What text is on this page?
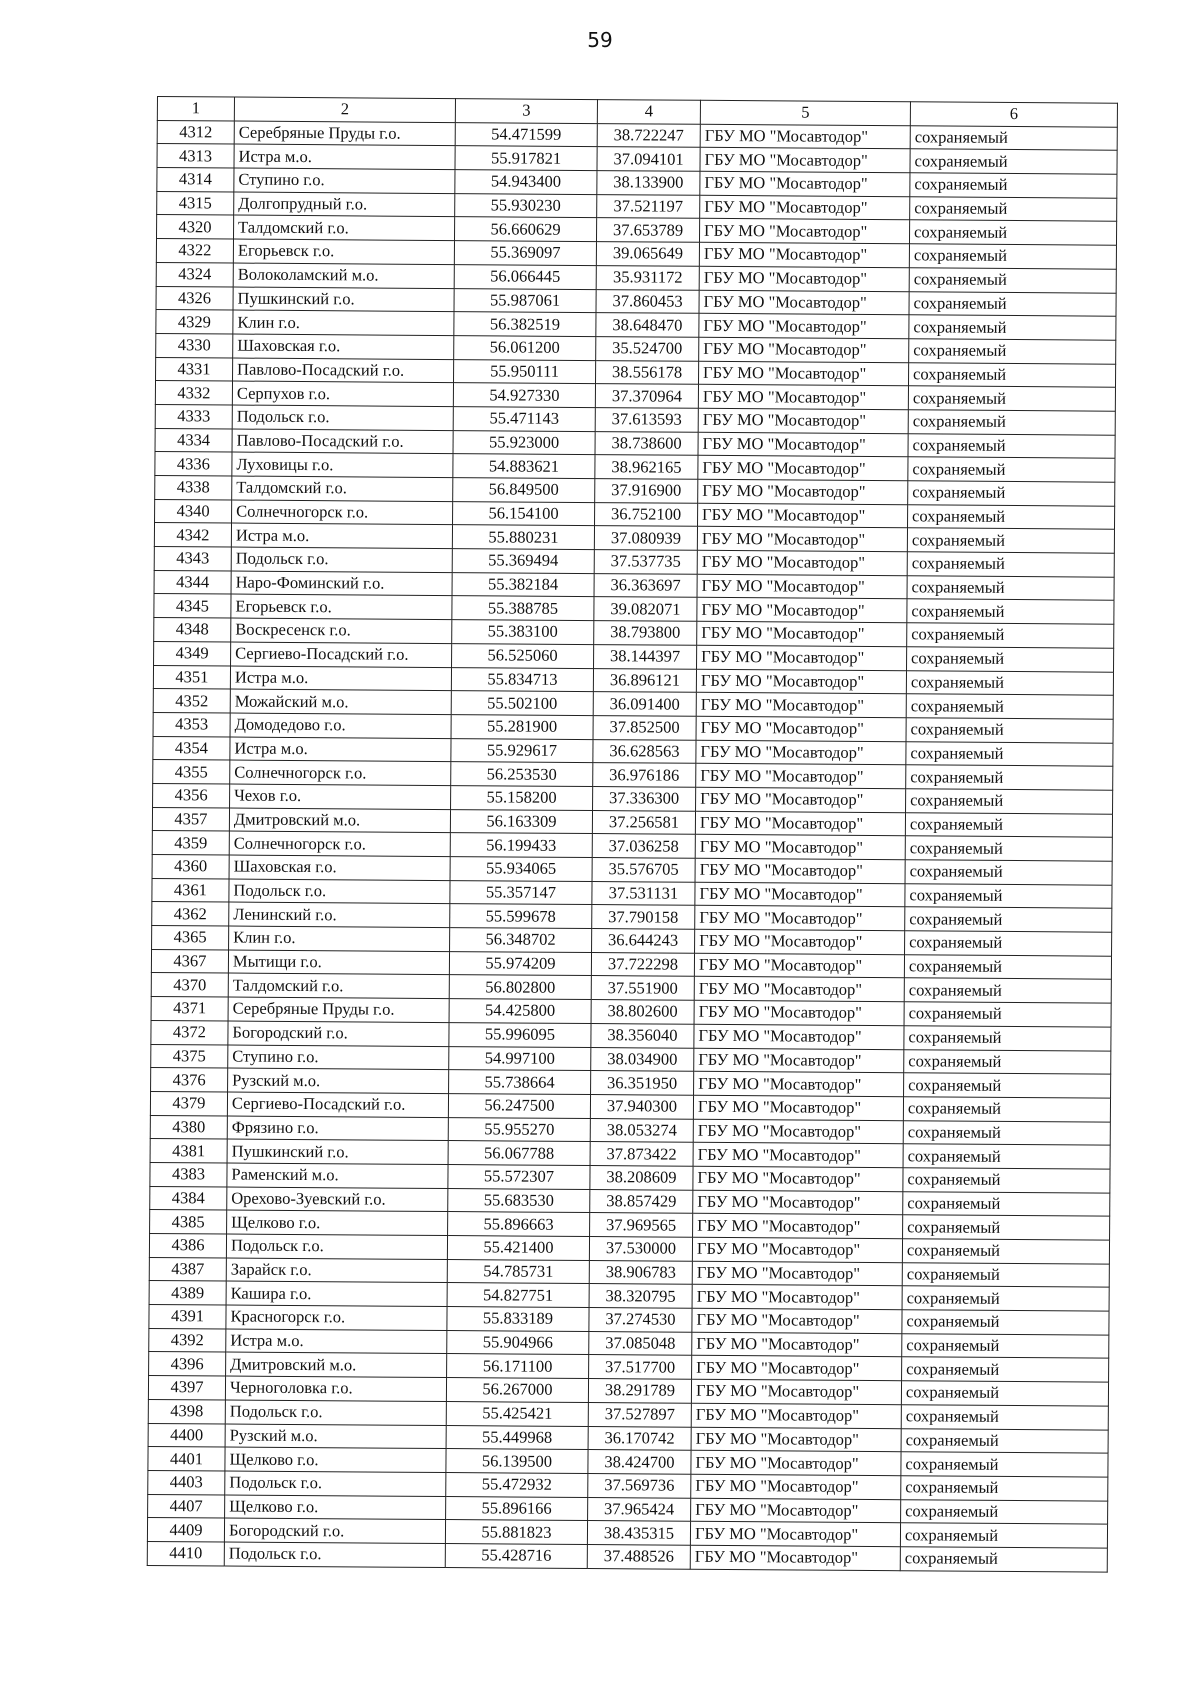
59
1	2	3	4	5	6
4312	Серебряные Пруды г.о.	54.471599	38.722247	ГБУ МО "Мосавтодор"	сохраняемый
4313	Истра м.о.	55.917821	37.094101	ГБУ МО "Мосавтодор"	сохраняемый
4314	Ступино г.о.	54.943400	38.133900	ГБУ МО "Мосавтодор"	сохраняемый
4315	Долгопрудный г.о.	55.930230	37.521197	ГБУ МО "Мосавтодор"	сохраняемый
4320	Талдомский г.о.	56.660629	37.653789	ГБУ МО "Мосавтодор"	сохраняемый
4322	Егорьевск г.о.	55.369097	39.065649	ГБУ МО "Мосавтодор"	сохраняемый
4324	Волоколамский м.о.	56.066445	35.931172	ГБУ МО "Мосавтодор"	сохраняемый
4326	Пушкинский г.о.	55.987061	37.860453	ГБУ МО "Мосавтодор"	сохраняемый
4329	Клин г.о.	56.382519	38.648470	ГБУ МО "Мосавтодор"	сохраняемый
4330	Шаховская г.о.	56.061200	35.524700	ГБУ МО "Мосавтодор"	сохраняемый
4331	Павлово-Посадский г.о.	55.950111	38.556178	ГБУ МО "Мосавтодор"	сохраняемый
4332	Серпухов г.о.	54.927330	37.370964	ГБУ МО "Мосавтодор"	сохраняемый
4333	Подольск г.о.	55.471143	37.613593	ГБУ МО "Мосавтодор"	сохраняемый
4334	Павлово-Посадский г.о.	55.923000	38.738600	ГБУ МО "Мосавтодор"	сохраняемый
4336	Луховицы г.о.	54.883621	38.962165	ГБУ МО "Мосавтодор"	сохраняемый
4338	Талдомский г.о.	56.849500	37.916900	ГБУ МО "Мосавтодор"	сохраняемый
4340	Солнечногорск г.о.	56.154100	36.752100	ГБУ МО "Мосавтодор"	сохраняемый
4342	Истра м.о.	55.880231	37.080939	ГБУ МО "Мосавтодор"	сохраняемый
4343	Подольск г.о.	55.369494	37.537735	ГБУ МО "Мосавтодор"	сохраняемый
4344	Наро-Фоминский г.о.	55.382184	36.363697	ГБУ МО "Мосавтодор"	сохраняемый
4345	Егорьевск г.о.	55.388785	39.082071	ГБУ МО "Мосавтодор"	сохраняемый
4348	Воскресенск г.о.	55.383100	38.793800	ГБУ МО "Мосавтодор"	сохраняемый
4349	Сергиево-Посадский г.о.	56.525060	38.144397	ГБУ МО "Мосавтодор"	сохраняемый
4351	Истра м.о.	55.834713	36.896121	ГБУ МО "Мосавтодор"	сохраняемый
4352	Можайский м.о.	55.502100	36.091400	ГБУ МО "Мосавтодор"	сохраняемый
4353	Домодедово г.о.	55.281900	37.852500	ГБУ МО "Мосавтодор"	сохраняемый
4354	Истра м.о.	55.929617	36.628563	ГБУ МО "Мосавтодор"	сохраняемый
4355	Солнечногорск г.о.	56.253530	36.976186	ГБУ МО "Мосавтодор"	сохраняемый
4356	Чехов г.о.	55.158200	37.336300	ГБУ МО "Мосавтодор"	сохраняемый
4357	Дмитровский м.о.	56.163309	37.256581	ГБУ МО "Мосавтодор"	сохраняемый
4359	Солнечногорск г.о.	56.199433	37.036258	ГБУ МО "Мосавтодор"	сохраняемый
4360	Шаховская г.о.	55.934065	35.576705	ГБУ МО "Мосавтодор"	сохраняемый
4361	Подольск г.о.	55.357147	37.531131	ГБУ МО "Мосавтодор"	сохраняемый
4362	Ленинский г.о.	55.599678	37.790158	ГБУ МО "Мосавтодор"	сохраняемый
4365	Клин г.о.	56.348702	36.644243	ГБУ МО "Мосавтодор"	сохраняемый
4367	Мытищи г.о.	55.974209	37.722298	ГБУ МО "Мосавтодор"	сохраняемый
4370	Талдомский г.о.	56.802800	37.551900	ГБУ МО "Мосавтодор"	сохраняемый
4371	Серебряные Пруды г.о.	54.425800	38.802600	ГБУ МО "Мосавтодор"	сохраняемый
4372	Богородский г.о.	55.996095	38.356040	ГБУ МО "Мосавтодор"	сохраняемый
4375	Ступино г.о.	54.997100	38.034900	ГБУ МО "Мосавтодор"	сохраняемый
4376	Рузский м.о.	55.738664	36.351950	ГБУ МО "Мосавтодор"	сохраняемый
4379	Сергиево-Посадский г.о.	56.247500	37.940300	ГБУ МО "Мосавтодор"	сохраняемый
4380	Фрязино г.о.	55.955270	38.053274	ГБУ МО "Мосавтодор"	сохраняемый
4381	Пушкинский г.о.	56.067788	37.873422	ГБУ МО "Мосавтодор"	сохраняемый
4383	Раменский м.о.	55.572307	38.208609	ГБУ МО "Мосавтодор"	сохраняемый
4384	Орехово-Зуевский г.о.	55.683530	38.857429	ГБУ МО "Мосавтодор"	сохраняемый
4385	Щелково г.о.	55.896663	37.969565	ГБУ МО "Мосавтодор"	сохраняемый
4386	Подольск г.о.	55.421400	37.530000	ГБУ МО "Мосавтодор"	сохраняемый
4387	Зарайск г.о.	54.785731	38.906783	ГБУ МО "Мосавтодор"	сохраняемый
4389	Кашира г.о.	54.827751	38.320795	ГБУ МО "Мосавтодор"	сохраняемый
4391	Красногорск г.о.	55.833189	37.274530	ГБУ МО "Мосавтодор"	сохраняемый
4392	Истра м.о.	55.904966	37.085048	ГБУ МО "Мосавтодор"	сохраняемый
4396	Дмитровский м.о.	56.171100	37.517700	ГБУ МО "Мосавтодор"	сохраняемый
4397	Черноголовка г.о.	56.267000	38.291789	ГБУ МО "Мосавтодор"	сохраняемый
4398	Подольск г.о.	55.425421	37.527897	ГБУ МО "Мосавтодор"	сохраняемый
4400	Рузский м.о.	55.449968	36.170742	ГБУ МО "Мосавтодор"	сохраняемый
4401	Щелково г.о.	56.139500	38.424700	ГБУ МО "Мосавтодор"	сохраняемый
4403	Подольск г.о.	55.472932	37.569736	ГБУ МО "Мосавтодор"	сохраняемый
4407	Щелково г.о.	55.896166	37.965424	ГБУ МО "Мосавтодор"	сохраняемый
4409	Богородский г.о.	55.881823	38.435315	ГБУ МО "Мосавтодор"	сохраняемый
4410	Подольск г.о.	55.428716	37.488526	ГБУ МО "Мосавтодор"	сохраняемый
